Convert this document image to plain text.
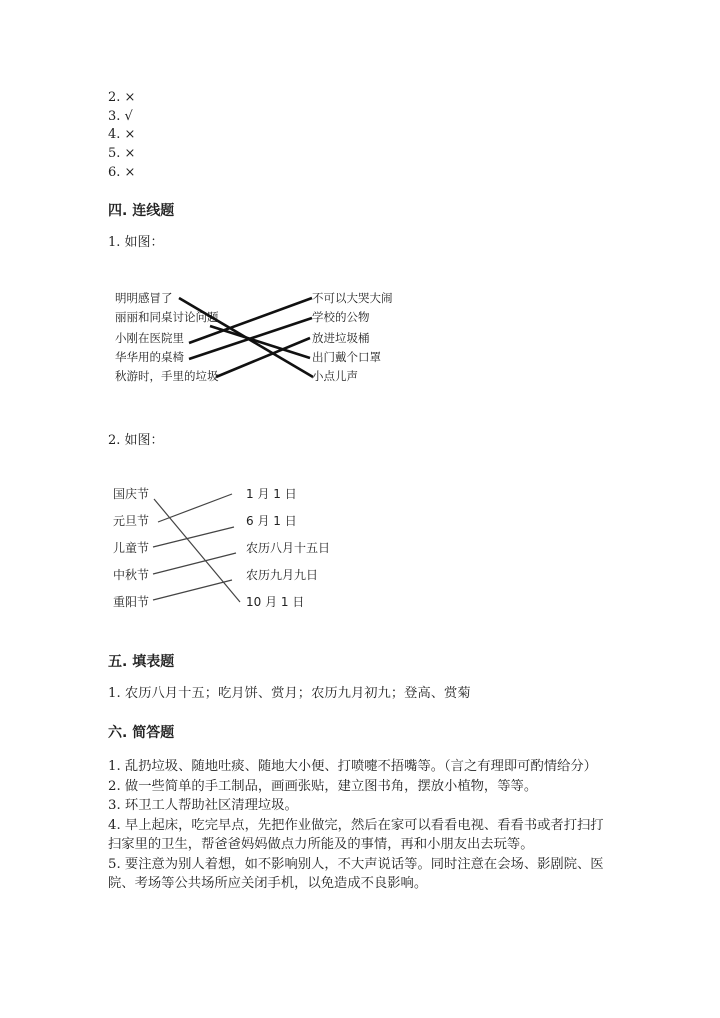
2. ×
3. √
4. ×
5. ×
6. ×
四. 连线题
1. 如图：
明明感冒了
丽丽和同桌讨论问题
小刚在医院里
华华用的桌椅
秋游时，手里的垃圾
不可以大哭大闹
学校的公物
放进垃圾桶
出门戴个口罩
小点儿声
国庆节
元旦节
儿童节
中秋节
重阳节
1 月 1 日
6 月 1 日
农历八月十五日
农历九月九日
10 月 1 日
2. 如图：
五. 填表题
1. 农历八月十五；吃月饼、赏月；农历九月初九；登高、赏菊
六. 简答题
1. 乱扔垃圾、随地吐痰、随地大小便、打喷嚏不捂嘴等。（言之有理即可酌情给分）
2. 做一些简单的手工制品，画画张贴，建立图书角，摆放小植物，等等。
3. 环卫工人帮助社区清理垃圾。
4. 早上起床，吃完早点，先把作业做完，然后在家可以看看电视、看看书或者打扫打扫家里的卫生，帮爸爸妈妈做点力所能及的事情，再和小朋友出去玩等。
5. 要注意为别人着想，如不影响别人，不大声说话等。同时注意在会场、影剧院、医院、考场等公共场所应关闭手机，以免造成不良影响。
